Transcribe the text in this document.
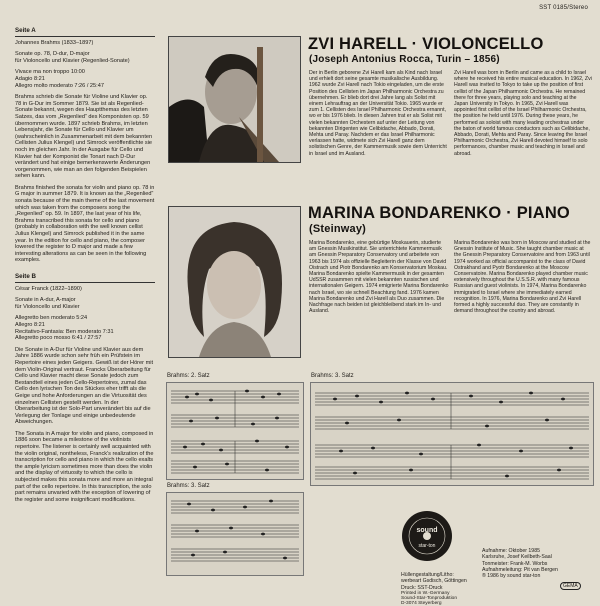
SST 0185/Stereo
Seite A
Johannes Brahms (1833–1897)
Sonate op. 78, D-dur, D-major
für Violoncello und Klavier (Regenlied-Sonate)
Vivace ma non troppo 10:00
Adagio 8:21
Allegro molto moderato 7:26 / 25:47

Brahms schrieb die Sonate für Violine und Klavier op. 78 in G-Dur im Sommer 1879. Sie ist als Regenlied-Sonate bekannt, wegen des Hauptthemas des letzten Satzes, das vom „Regenlied“ des Komponisten op. 59 übernommen wurde. 1897 schrieb Brahms, im letzten Lebensjahr, die Sonate für Cello und Klavier um (wahrscheinlich in Zusammenarbeit mit dem bekannten Cellisten Julius Klengel) und Simrock veröffentlichte sie noch im gleichen Jahr. In der Ausgabe für Cello und Klavier hat der Komponist die Tonart nach D-Dur verändert und hat einige bemerkenswerte Änderungen vorgenommen, wie man an den folgenden Beispielen sehen kann.

Brahms finished the sonata for violin and piano op. 78 in G major in summer 1879. It is known as the „Regenlied“ sonata because of the main theme of the last movement which was taken from the composers song the „Regenlied“ op. 59. In 1897, the last year of his life, Brahms transcribed this sonata for cello and piano (probably in collaboration with the well known cellist Julius Klengel) and Simrock published it in the same year. In the edition for cello and piano, the composer lowered the register to D major and made a few interesting alterations as can be seen in the following examples.

Seite B
César Franck (1822–1890)
Sonate in A-dur, A-major
für Violoncello und Klavier
Allegretto ben moderato 5:24
Allegro 8:21
Recitativo-Fantasia: Ben moderato 7:31
Allegretto poco mosso 6:41 / 27:57

Die Sonate in A-Dur für Violine und Klavier aus dem Jahre 1886 wurde schon sehr früh ein Prüfstein im Repertoire eines jeden Geigers. Gewiß ist der Hörer mit dem Violin-Original vertraut. Francks Überarbeitung für Cello und Klavier macht diese Sonate jedoch zum Bestandteil eines jeden Cello-Repertoires, zumal das Cello den lyrischen Ton des Stückes eher trifft als die Geige und hohe Anforderungen an die Virtuosität des einzelnen Cellisten gestellt werden. In der Überarbeitung ist der Solo-Part unverändert bis auf die Verlegung der Tonlage und einige unbedeutende Abweichungen.

The Sonata in A major for violin and piano, composed in 1886 soon became a milestone of the violinists repertoire. The listener is certainly well acquainted with the violin original, nontheless, Franck's realization of the transcription for cello and piano in which the cello exalts the ample lyricism sometimes more than does the violin and the display of virtuosity to which the cello is subjected makes this sonata more and more an integral part of the cello repertoire. In this transcription, the solo part remains unvaried with the exception of lowering of the register and some insignificant modifications.

ZVI HARELL · VIOLONCELLO
(Joseph Antonius Rocca, Turin – 1856)
Der in Berlin geborene Zvi Harell kam als Kind nach Israel und erhielt dort seine gesamte musikalische Ausbildung. 1962 wurde Zvi Harell nach Tokio eingeladen, um die erste Position des Cellisten im Japan Philharmonic Orchestra zu übernehmen. Er blieb dort drei Jahre lang als Solist mit einem Lehrauftrag an der Universität Tokio. 1965 wurde er zum 1. Cellisten des Israel Philharmonic Orchestra ernannt, wo er bis 1976 blieb. In diesen Jahren trat er als Solist mit vielen bekannten Orchestern auf unter der Leitung von bekannten Dirigenten wie Celibidache, Abbado, Dorati, Mehta und Paray. Nachdem er das Israel Philharmonic verlassen hatte, widmete sich Zvi Harell ganz dem solistischen Genre, der Kammermusik sowie dem Unterricht in Israel und im Ausland.
Zvi Harell was born in Berlin and came as a child to Israel where he received his entire musical education. In 1962, Zvi Harell was invited to Tokyo to take up the position of first cellist of the Japan Philharmonic Orchestra. He remained there for three years, playing solo and teaching at the Japan University in Tokyo. In 1965, Zvi Harell was appointed first cellist of the Israel Philharmonic Orchestra, the position he held until 1976. During these years, he performed as soloist with many leading orchestras under the baton of world famous conductors such as Celibidache, Abbado, Dorati, Mehta and Paray. Since leaving the Israel Philharmonic Orchestra, Zvi Harell devoted himself to solo performances, chamber music and teaching in Israel and abroad.
MARINA BONDARENKO · PIANO
(Steinway)
Marina Bondarenko, eine gebürtige Moskauerin, studierte am Gnessin Musikinstitut. Sie unterrichtete Kammermusik am Gnessin Preparatory Conservatory und arbeitete von 1963 bis 1974 als offizielle Begleiterin der Klasse von David Oistrach und Piotr Bondarenko am Konservatorium Moskau. Marina Bondarenko spielte Kammermusik in der gesamten UdSSR zusammen mit vielen bekannten russischen und internationalen Geigern. 1974 emigrierte Marina Bondarenko nach Israel, wo sie schnell Beachtung fand. 1976 kamen Marina Bondarenko und Zvi Harell als Duo zusammen. Die Nachfrage nach beiden ist gleichbleibend stark im In- und Ausland.
Marina Bondarenko was born in Moscow and studied at the Gnessin Institute of Music. She taught chamber music at the Gnessin Preparatory Conservatoire and from 1963 until 1974 worked as official accompanist to the class of David Ostrakhand and Pyotr Bondarenko at the Moscow Conservatoire. Marina Bondarenko played chamber music extensively throughout the U.S.S.R. with many famous Russian and guest violinists. In 1974, Marina Bondarenko immigrated to Israel where she immediately earned recognition. In 1976, Marina Bondarenko and Zvi Harell formed a highly successful duo. They are constantly in demand throughout the country and abroad.
Brahms: 2. Satz
Brahms: 3. Satz
Brahms: 3. Satz
sound
star-ton
Hüllengestaltung/Litho:
werbeart Gsdisch, Göttingen
Druck: SST-Druck
Aufnahme: Oktober 1985
Karlsruhe, Josef Keilbeth-Saal
Tonmeister: Frank-M. Worbs
Aufnahmeleitung: Pit van Bergen
® 1986 by sound star-ton
Printed in W.-Germany
Sound-Star-Tonproduktion
D-3074 Steyerberg
GEMA
